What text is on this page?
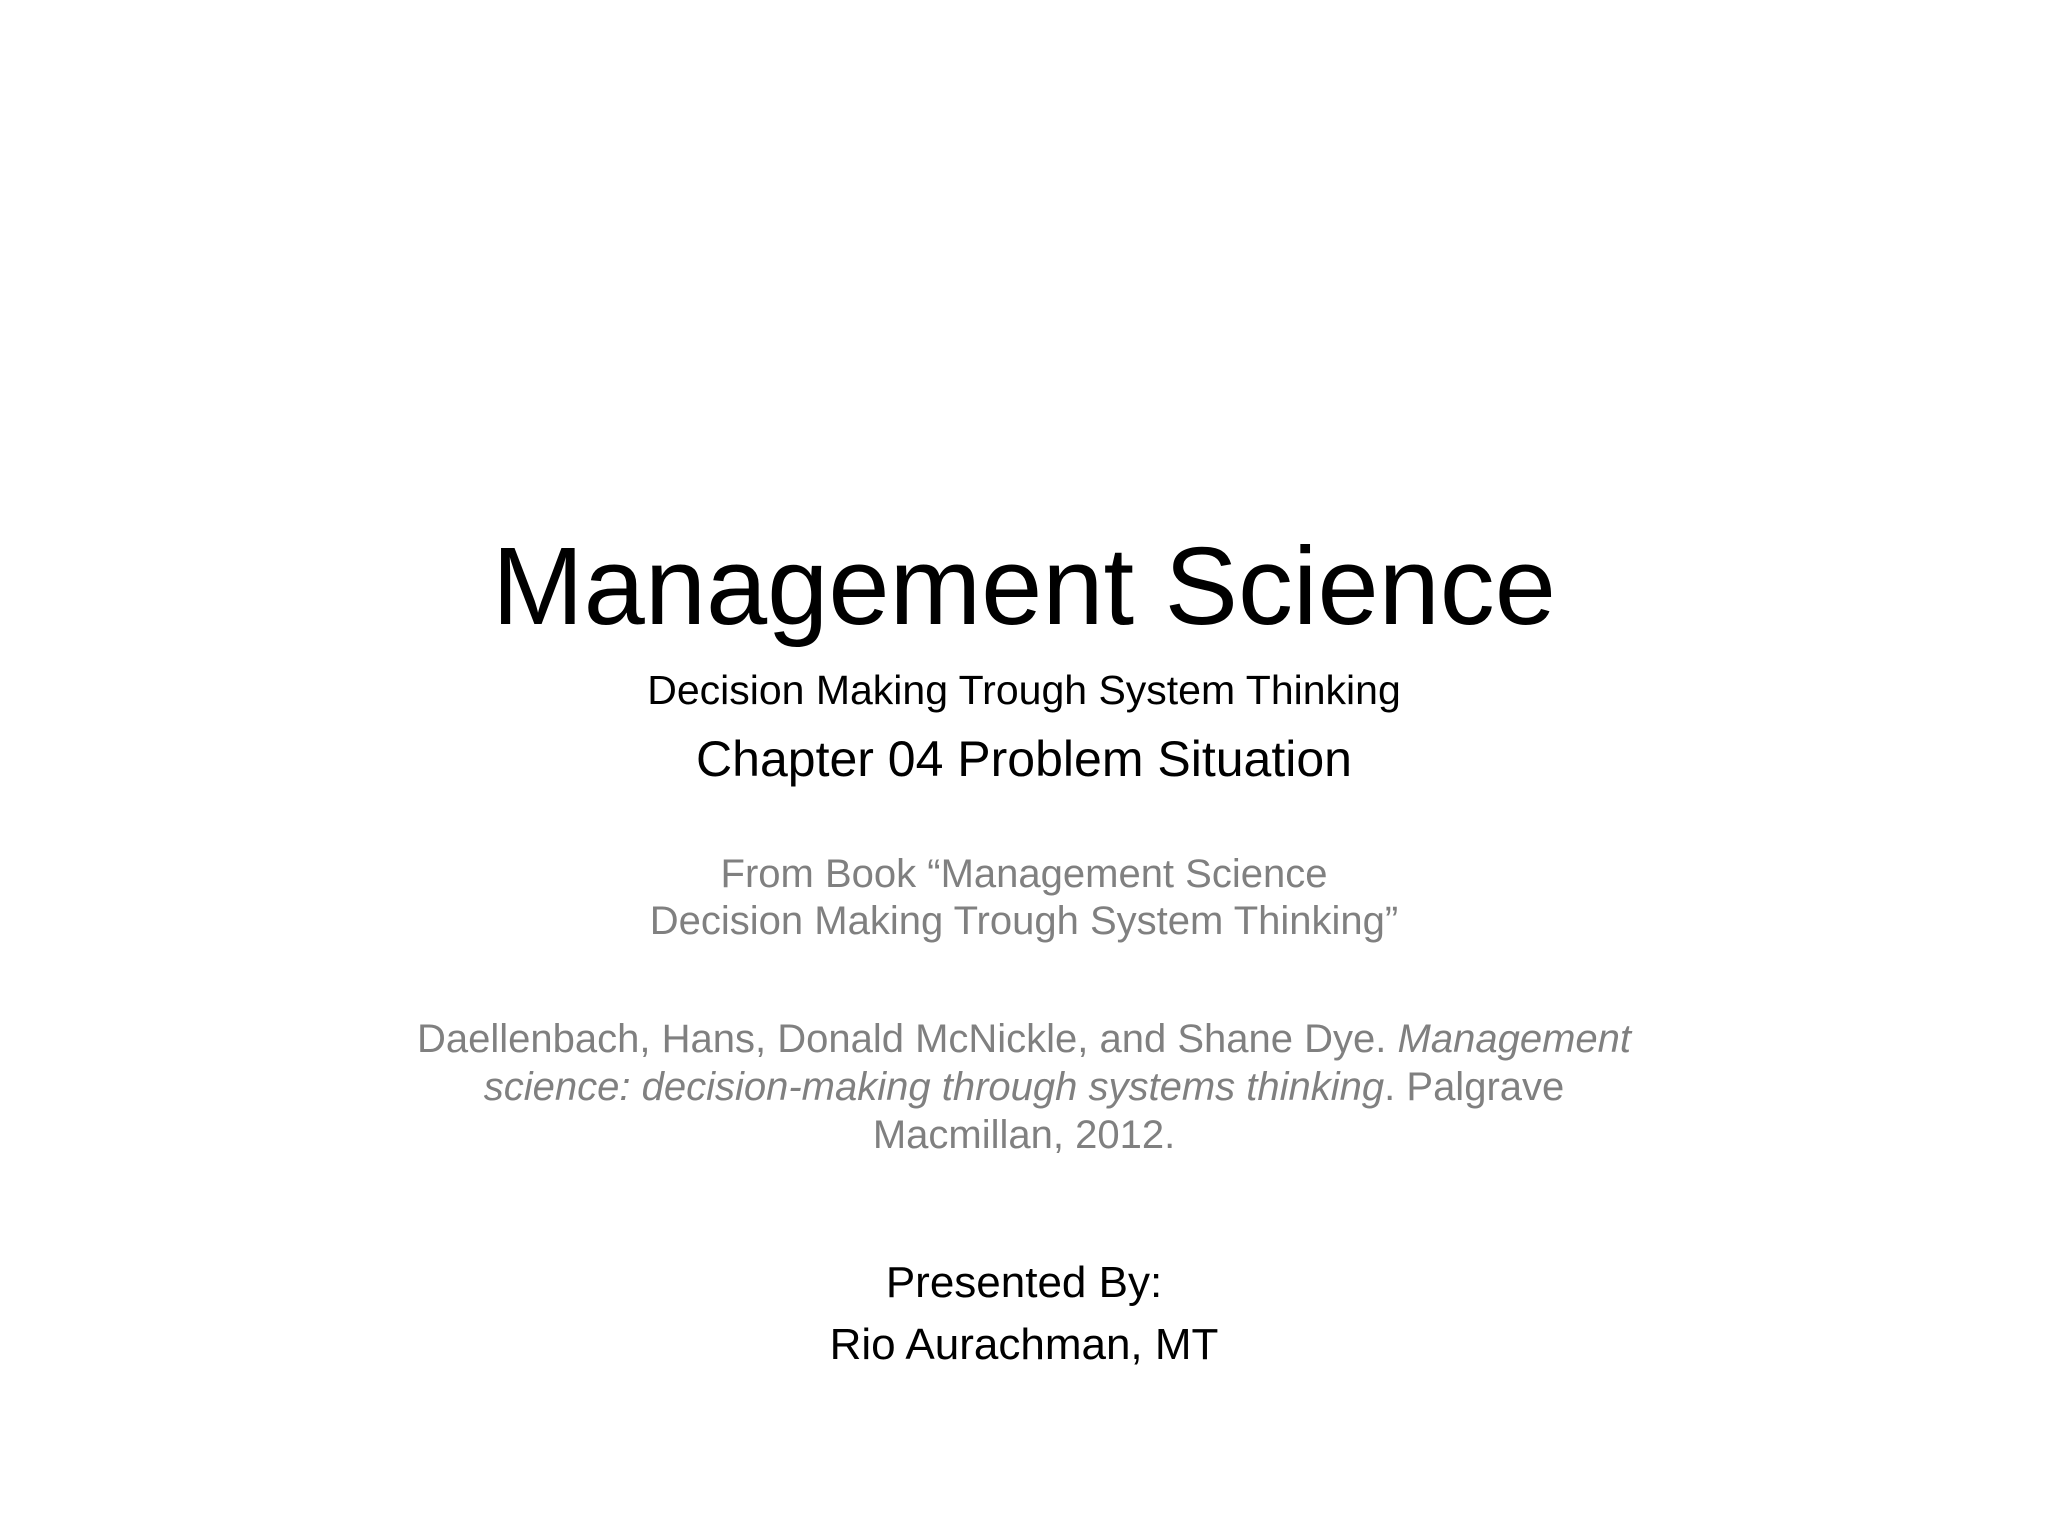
Management Science
Decision Making Trough System Thinking
Chapter 04 Problem Situation
From Book “Management Science
Decision Making Trough System Thinking”
Daellenbach, Hans, Donald McNickle, and Shane Dye. Management
science: decision-making through systems thinking. Palgrave
Macmillan, 2012.
Presented By:
Rio Aurachman, MT
